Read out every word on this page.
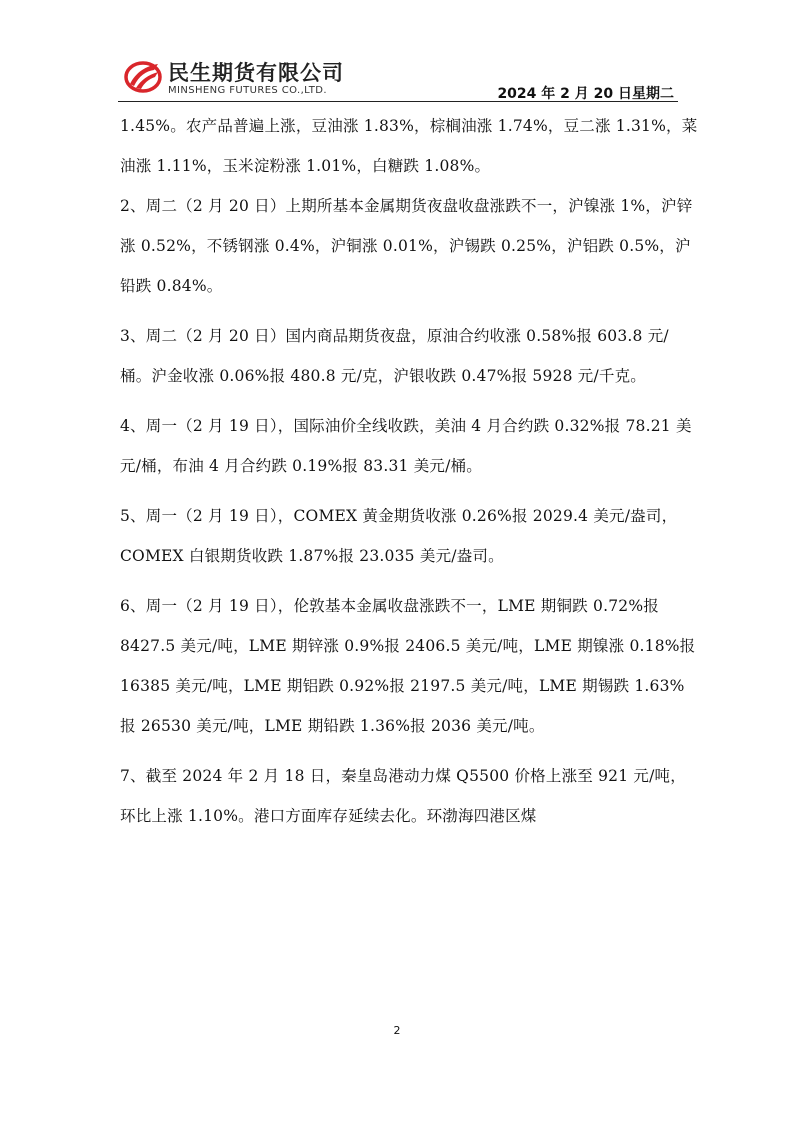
民生期货有限公司
MINSHENG FUTURES CO.,LTD.	2024 年 2 月 20 日星期二

1.45%。农产品普遍上涨，豆油涨 1.83%，棕榈油涨 1.74%，豆二涨 1.31%，菜油涨 1.11%，玉米淀粉涨 1.01%，白糖跌 1.08%。

2、周二（2 月 20 日）上期所基本金属期货夜盘收盘涨跌不一，沪镍涨 1%，沪锌涨 0.52%，不锈钢涨 0.4%，沪铜涨 0.01%，沪锡跌 0.25%，沪铝跌 0.5%，沪铅跌 0.84%。

3、周二（2 月 20 日）国内商品期货夜盘，原油合约收涨 0.58%报 603.8 元/桶。沪金收涨 0.06%报 480.8 元/克，沪银收跌 0.47%报 5928 元/千克。

4、周一（2 月 19 日），国际油价全线收跌，美油 4 月合约跌 0.32%报 78.21 美元/桶，布油 4 月合约跌 0.19%报 83.31 美元/桶。

5、周一（2 月 19 日），COMEX 黄金期货收涨 0.26%报 2029.4 美元/盎司，COMEX 白银期货收跌 1.87%报 23.035 美元/盎司。

6、周一（2 月 19 日），伦敦基本金属收盘涨跌不一，LME 期铜跌 0.72%报 8427.5 美元/吨，LME 期锌涨 0.9%报 2406.5 美元/吨，LME 期镍涨 0.18%报 16385 美元/吨，LME 期铝跌 0.92%报 2197.5 美元/吨，LME 期锡跌 1.63%报 26530 美元/吨，LME 期铅跌 1.36%报 2036 美元/吨。

7、截至 2024 年 2 月 18 日，秦皇岛港动力煤 Q5500 价格上涨至 921 元/吨，环比上涨 1.10%。港口方面库存延续去化。环渤海四港区煤

2
